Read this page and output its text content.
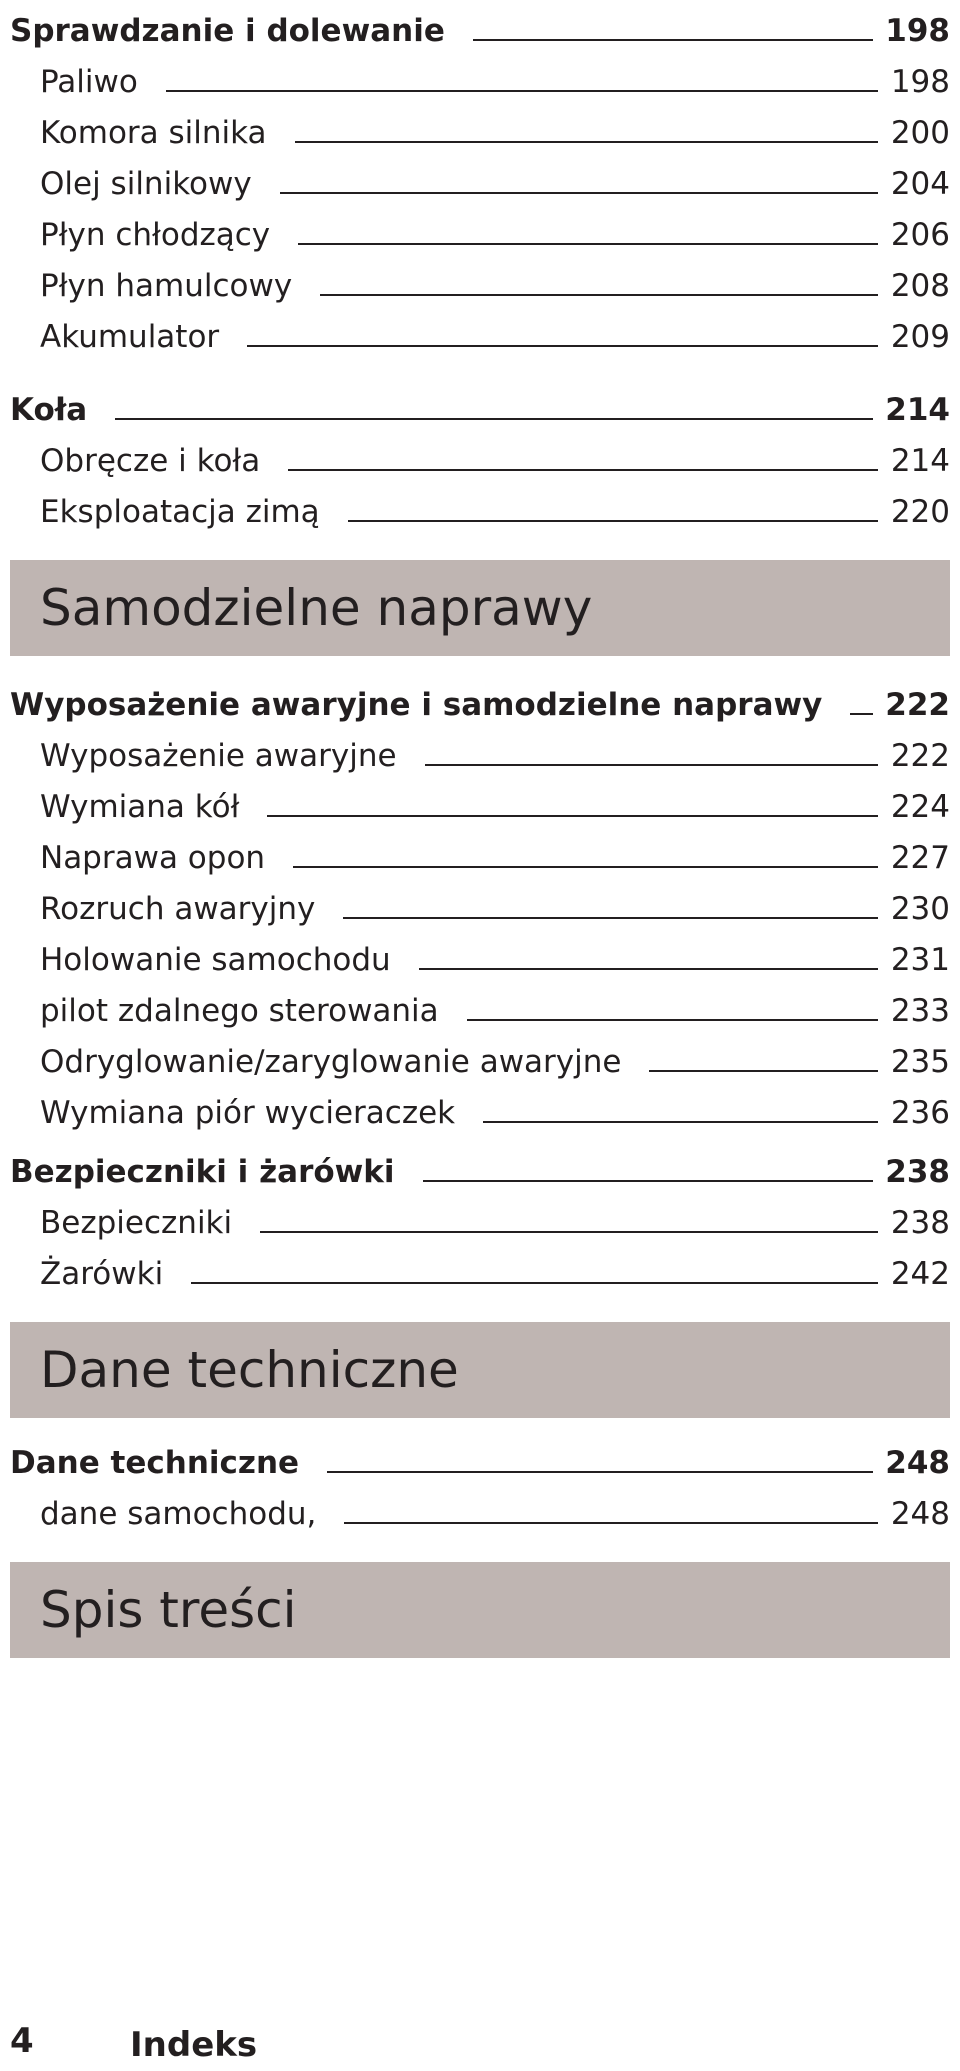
Sprawdzanie i dolewanie	198
Paliwo	198
Komora silnika	200
Olej silnikowy	204
Płyn chłodzący	206
Płyn hamulcowy	208
Akumulator	209
Koła	214
Obręcze i koła	214
Eksploatacja zimą	220
Samodzielne naprawy
Wyposażenie awaryjne i samodzielne naprawy 222
Wyposażenie awaryjne	222
Wymiana kół	224
Naprawa opon	227
Rozruch awaryjny	230
Holowanie samochodu	231
pilot zdalnego sterowania	233
Odryglowanie/zaryglowanie awaryjne	235
Wymiana piór wycieraczek	236
Bezpieczniki i żarówki	238
Bezpieczniki	238
Żarówki	242
Dane techniczne
Dane techniczne	248
dane samochodu,	248
Spis treści
4	Indeks
